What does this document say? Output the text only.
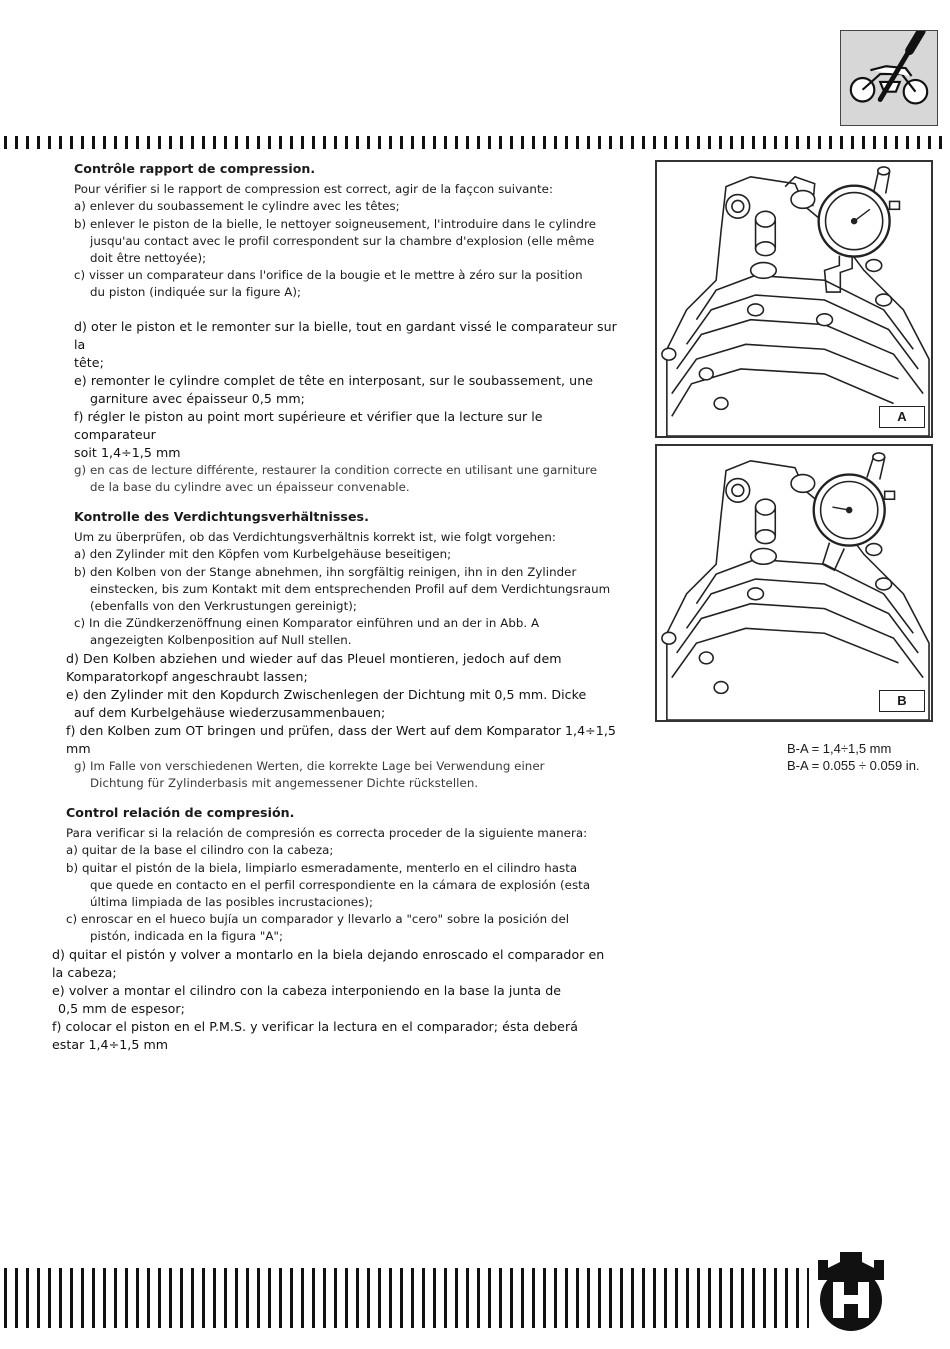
Contrôle rapport de compression.

Pour vérifier si le rapport de compression est correct, agir de la façcon suivante:

a) enlever du soubassement le cylindre avec les têtes;

b) enlever le piston de la bielle, le nettoyer soigneusement, l'introduire dans le cylindre

jusqu'au contact avec le profil correspondent sur la chambre d'explosion (elle même

doit être nettoyée);

c) visser un comparateur dans l'orifice de la bougie et le mettre à zéro sur la position

du piston (indiquée sur la figure A);

d) oter le piston et le remonter sur la bielle, tout en gardant vissé le comparateur sur la

tête;

e) remonter le cylindre complet de tête en interposant, sur le soubassement, une

garniture avec épaisseur 0,5 mm;

f) régler le piston au point mort supérieure et vérifier que la lecture sur le comparateur

soit 1,4÷1,5 mm

g) en cas de lecture différente, restaurer la condition correcte en utilisant une garniture

de la base du cylindre avec un épaisseur convenable.

Kontrolle des Verdichtungsverhältnisses.

Um zu überprüfen, ob das Verdichtungsverhältnis korrekt ist, wie folgt vorgehen:

a) den Zylinder mit den Köpfen vom Kurbelgehäuse beseitigen;

b) den Kolben von der Stange abnehmen, ihn sorgfältig reinigen, ihn in den Zylinder

einstecken, bis zum Kontakt mit dem entsprechenden Profil auf dem Verdichtungsraum

(ebenfalls von den Verkrustungen gereinigt);

c) In die Zündkerzenöffnung einen Komparator einführen und an der in Abb. A

angezeigten Kolbenposition auf Null stellen.

d) Den Kolben abziehen und wieder auf das Pleuel montieren, jedoch auf dem

Komparatorkopf angeschraubt lassen;

e) den Zylinder mit den Kopdurch Zwischenlegen der Dichtung mit 0,5 mm. Dicke

auf dem Kurbelgehäuse wiederzusammenbauen;

f) den Kolben zum OT bringen und prüfen, dass der Wert auf dem Komparator 1,4÷1,5

mm

g) Im Falle von verschiedenen Werten, die korrekte Lage bei Verwendung einer

Dichtung für Zylinderbasis mit angemessener Dichte rückstellen.

Control relación de compresión.

Para verificar si la relación de compresión es correcta proceder de la siguiente manera:

a) quitar de la base el cilindro con la cabeza;

b) quitar el pistón de la biela, limpiarlo esmeradamente, menterlo en el cilindro hasta

que quede en contacto en el perfil correspondiente en la cámara de explosión (esta

última limpiada de las posibles incrustaciones);

c) enroscar en el hueco bujía un comparador y llevarlo a "cero" sobre la posición del

pistón, indicada en la figura "A";

d) quitar el pistón y volver a montarlo en la biela dejando enroscado el comparador en

la cabeza;

e) volver a montar el cilindro con la cabeza interponiendo en la base la junta de

0,5 mm de espesor;

f) colocar el piston en el P.M.S. y verificar la lectura en el comparador; ésta deberá

estar 1,4÷1,5 mm

A
B

B-A = 1,4÷1,5 mm

B-A = 0.055 ÷ 0.059 in.
